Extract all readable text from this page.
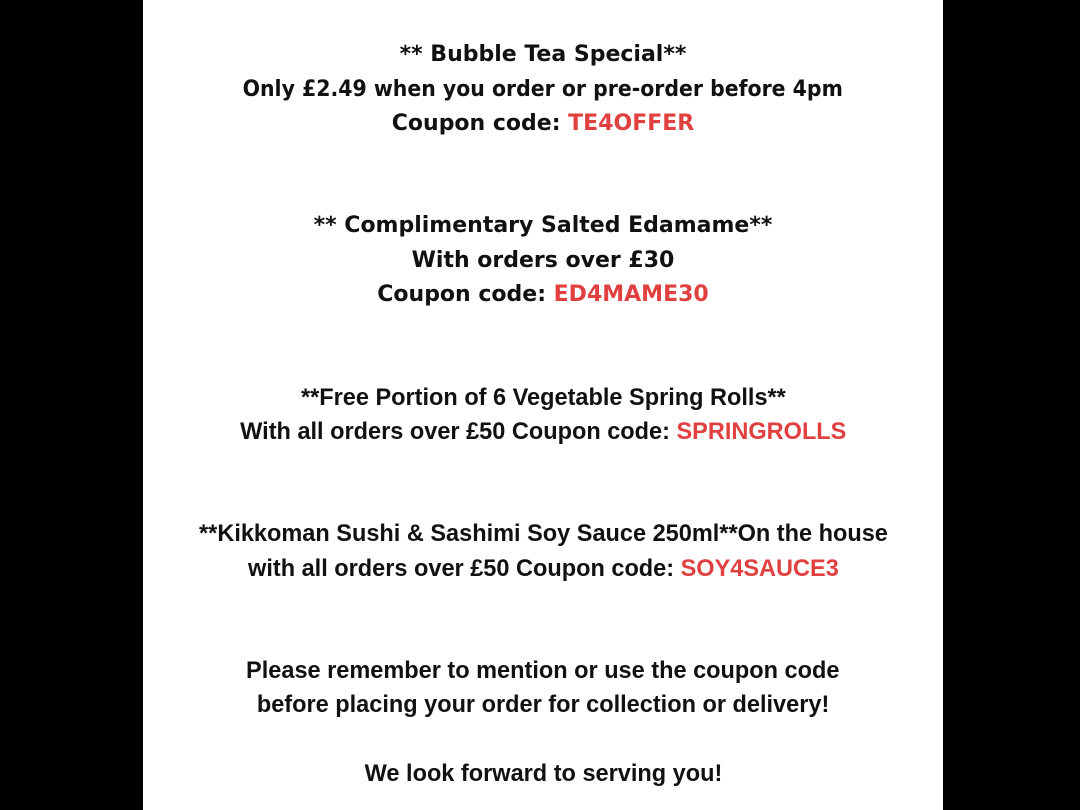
** Bubble Tea Special**
Only £2.49 when you order or pre-order before 4pm
Coupon code: TE4OFFER
** Complimentary Salted Edamame**
With orders over £30
Coupon code: ED4MAME30
**Free Portion of 6 Vegetable Spring Rolls**
With all orders over £50 Coupon code: SPRINGROLLS
**Kikkoman Sushi & Sashimi Soy Sauce 250ml**On the house
with all orders over £50 Coupon code: SOY4SAUCE3
Please remember to mention or use the coupon code
before placing your order for collection or delivery!
We look forward to serving you!
